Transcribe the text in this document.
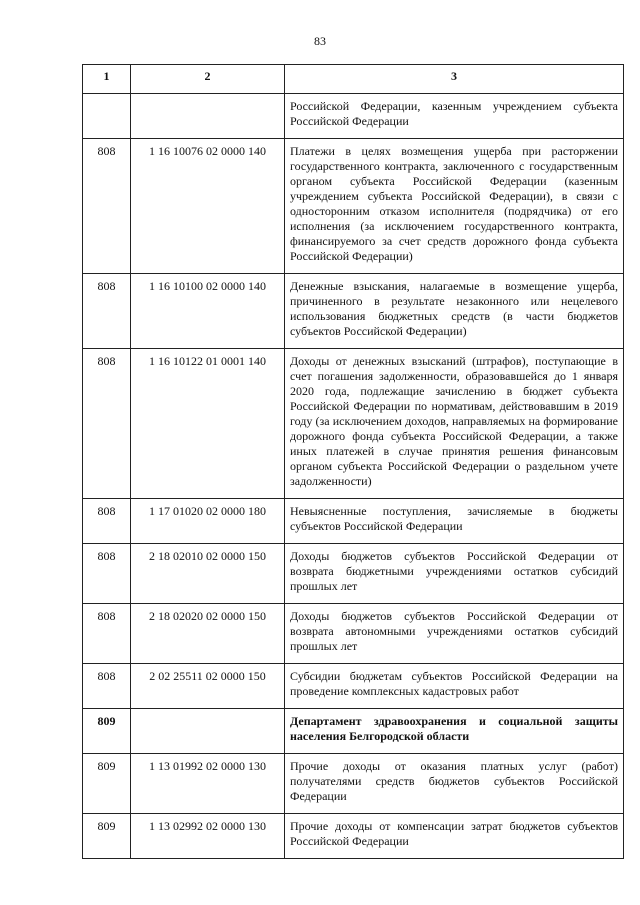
83
1	2	3
		Российской Федерации, казенным учреждением субъекта Российской Федерации
808	1 16 10076 02 0000 140	Платежи в целях возмещения ущерба при расторжении государственного контракта, заключенного с государственным органом субъекта Российской Федерации (казенным учреждением субъекта Российской Федерации), в связи с односторонним отказом исполнителя (подрядчика) от его исполнения (за исключением государственного контракта, финансируемого за счет средств дорожного фонда субъекта Российской Федерации)
808	1 16 10100 02 0000 140	Денежные взыскания, налагаемые в возмещение ущерба, причиненного в результате незаконного или нецелевого использования бюджетных средств (в части бюджетов субъектов Российской Федерации)
808	1 16 10122 01 0001 140	Доходы от денежных взысканий (штрафов), поступающие в счет погашения задолженности, образовавшейся до 1 января 2020 года, подлежащие зачислению в бюджет субъекта Российской Федерации по нормативам, действовавшим в 2019 году (за исключением доходов, направляемых на формирование дорожного фонда субъекта Российской Федерации, а также иных платежей в случае принятия решения финансовым органом субъекта Российской Федерации о раздельном учете задолженности)
808	1 17 01020 02 0000 180	Невыясненные поступления, зачисляемые в бюджеты субъектов Российской Федерации
808	2 18 02010 02 0000 150	Доходы бюджетов субъектов Российской Федерации от возврата бюджетными учреждениями остатков субсидий прошлых лет
808	2 18 02020 02 0000 150	Доходы бюджетов субъектов Российской Федерации от возврата автономными учреждениями остатков субсидий прошлых лет
808	2 02 25511 02 0000 150	Субсидии бюджетам субъектов Российской Федерации на проведение комплексных кадастровых работ
809		Департамент здравоохранения и социальной защиты населения Белгородской области
809	1 13 01992 02 0000 130	Прочие доходы от оказания платных услуг (работ) получателями средств бюджетов субъектов Российской Федерации
809	1 13 02992 02 0000 130	Прочие доходы от компенсации затрат бюджетов субъектов Российской Федерации
